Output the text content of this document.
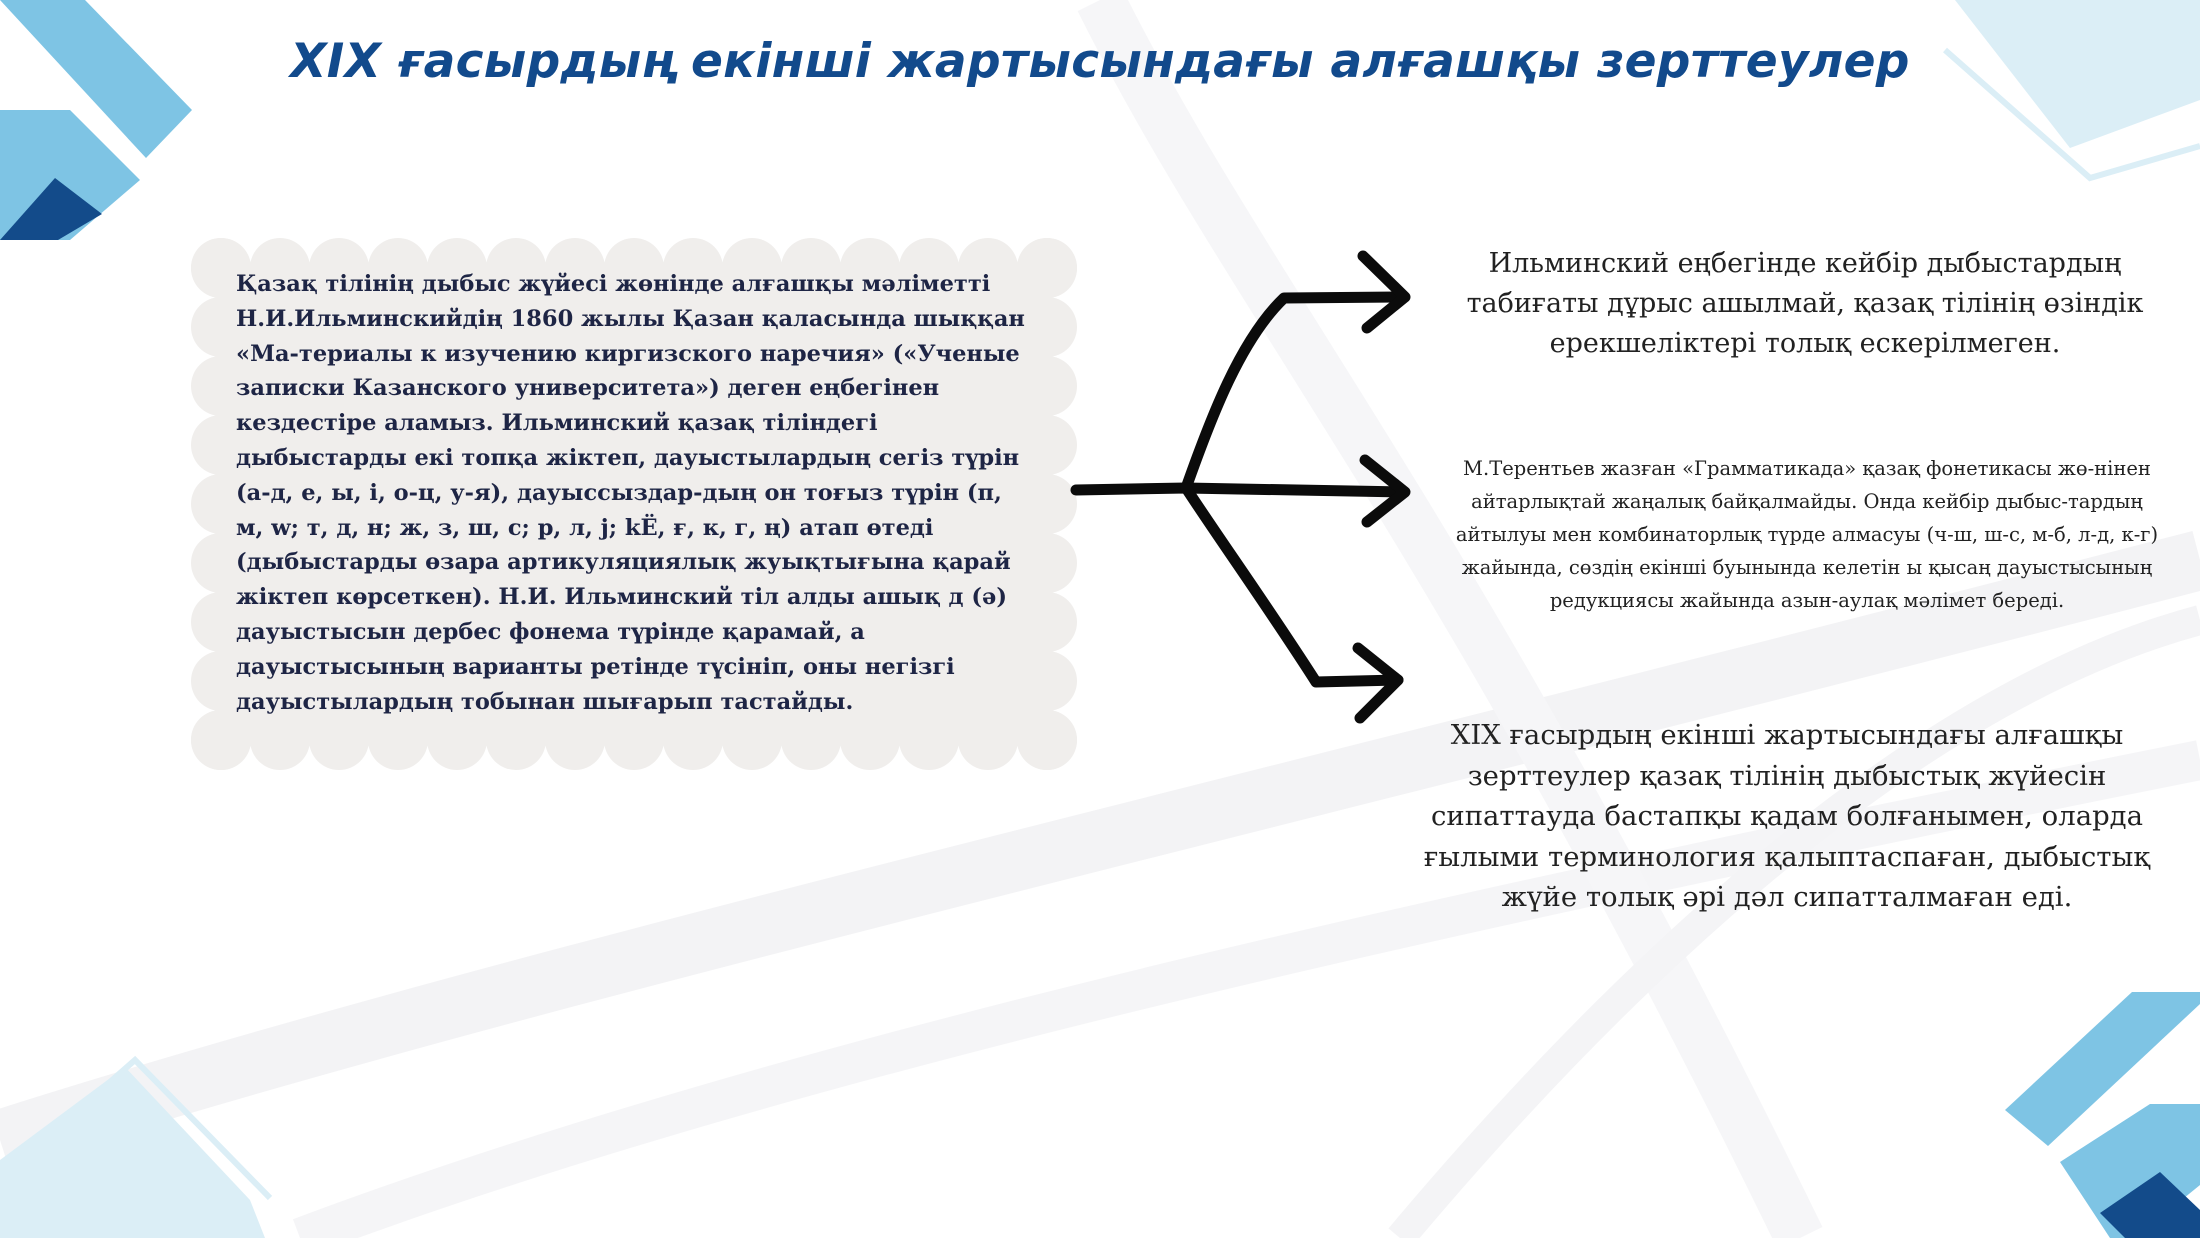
XIX ғасырдың екінші жартысындағы алғашқы зерттеулер

Қазақ тілінің дыбыс жүйесі жөнінде алғашқы мәліметті Н.И.Ильминскийдің 1860 жылы Қазан қаласында шыққан «Ма-териалы к изучению киргизского наречия» («Ученые записки Казанского университета») деген еңбегінен кездестіре аламыз. Ильминский қазақ тіліндегі дыбыстарды екі топқа жіктеп, дауыстылардың сегіз түрін (а-д, е, ы, і, о-ц, у-я), дауыссыздар-дың он тоғыз түрін (п, м, w; т, д, н; ж, з, ш, с; р, л, j; kЁ, ғ, к, г, ң) атап өтеді (дыбыстарды өзара артикуляциялық жуықтығына қарай жіктеп көрсеткен). Н.И. Ильминский тіл алды ашық д (ә) дауыстысын дербес фонема түрінде қарамай, а дауыстысының варианты ретінде түсініп, оны негізгі дауыстылардың тобынан шығарып тастайды.

Ильминский еңбегінде кейбір дыбыстардың табиғаты дұрыс ашылмай, қазақ тілінің өзіндік ерекшеліктері толық ескерілмеген.

М.Терентьев жазған «Грамматикада» қазақ фонетикасы жө-нінен айтарлықтай жаңалық байқалмайды. Онда кейбір дыбыс-тардың айтылуы мен комбинаторлық түрде алмасуы (ч-ш, ш-с, м-б, л-д, к-г) жайында, сөздің екінші буынында келетін ы қысаң дауыстысының редукциясы жайында азын-аулақ мәлімет береді.

XIX ғасырдың екінші жартысындағы алғашқы зерттеулер қазақ тілінің дыбыстық жүйесін сипаттауда бастапқы қадам болғанымен, оларда ғылыми терминология қалыптаспаған, дыбыстық жүйе толық әрі дәл сипатталмаған еді.
